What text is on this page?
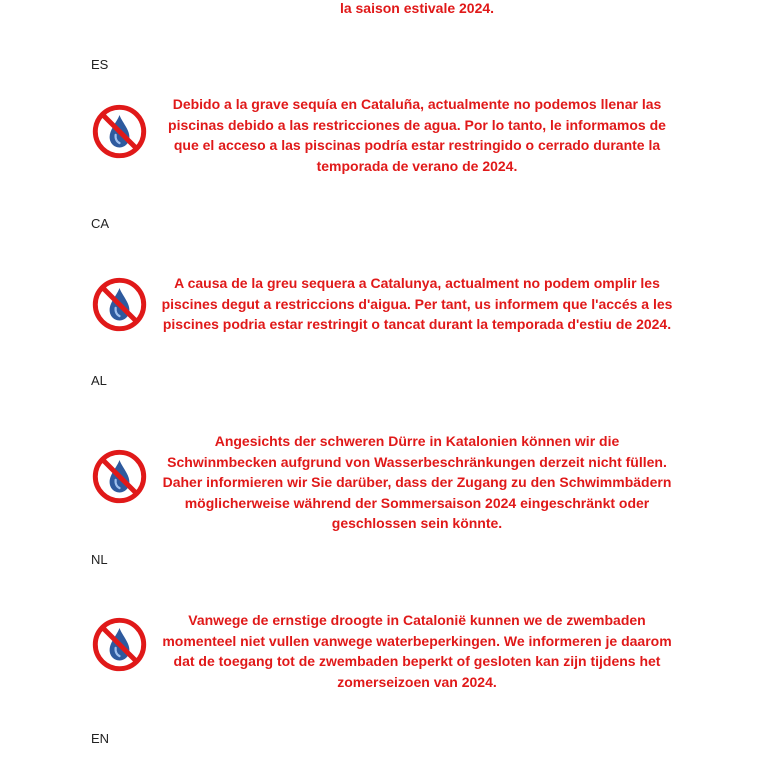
la saison estivale 2024.
ES
Debido a la grave sequía en Cataluña, actualmente no podemos llenar las piscinas debido a las restricciones de agua. Por lo tanto, le informamos de que el acceso a las piscinas podría estar restringido o cerrado durante la temporada de verano de 2024.
CA
A causa de la greu sequera a Catalunya, actualment no podem omplir les piscines degut a restriccions d'aigua. Per tant, us informem que l'accés a les piscines podria estar restringit o tancat durant la temporada d'estiu de 2024.
AL
Angesichts der schweren Dürre in Katalonien können wir die Schwinmbecken aufgrund von Wasserbeschränkungen derzeit nicht füllen. Daher informieren wir Sie darüber, dass der Zugang zu den Schwimmbädern möglicherweise während der Sommersaison 2024 eingeschränkt oder geschlossen sein könnte.
NL
Vanwege de ernstige droogte in Catalonië kunnen we de zwembaden momenteel niet vullen vanwege waterbeperkingen. We informeren je daarom dat de toegang tot de zwembaden beperkt of gesloten kan zijn tijdens het zomerseizoen van 2024.
EN
